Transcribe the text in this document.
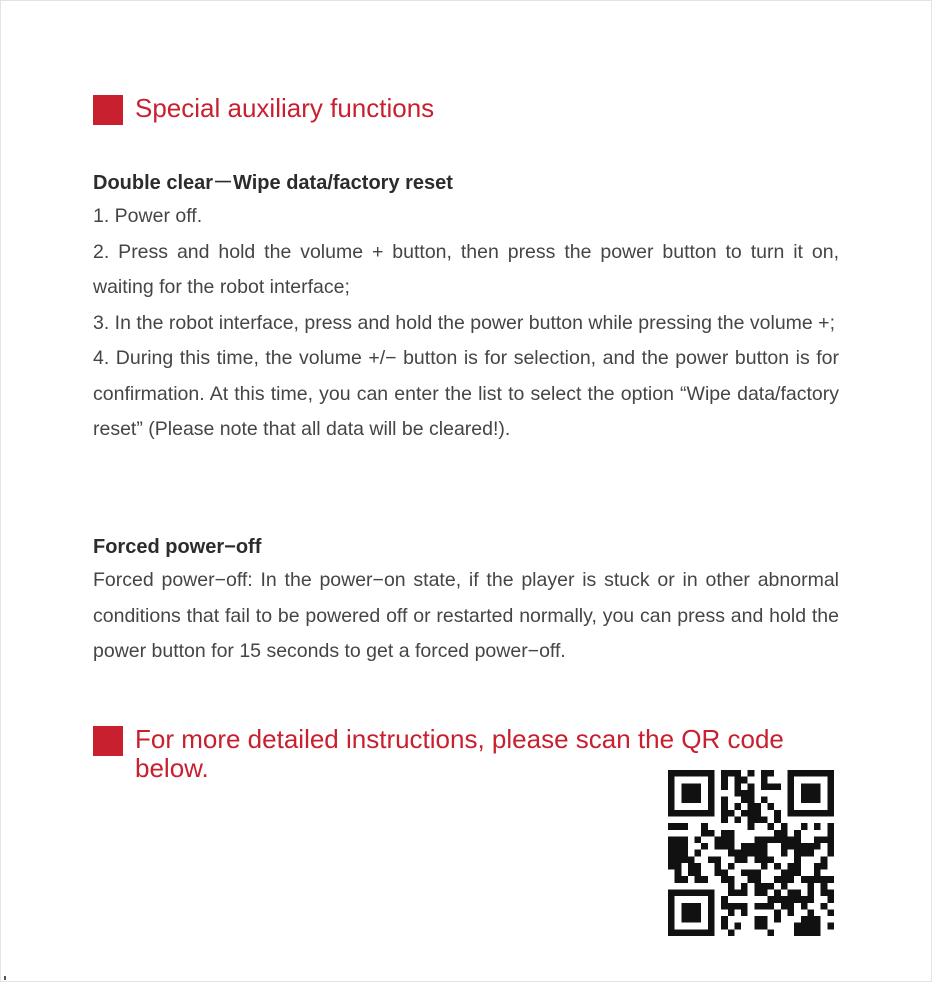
Special auxiliary functions

Double clear－Wipe data/factory reset

1. Power off.

2. Press and hold the volume + button, then press the power button to turn it on, waiting for the robot interface;

3. In the robot interface, press and hold the power button while pressing the volume +;

4. During this time, the volume +/− button is for selection, and the power button is for confirmation. At this time, you can enter the list to select the option “Wipe data/factory reset” (Please note that all data will be cleared!).

Forced power−off

Forced power−off: In the power−on state, if the player is stuck or in other abnormal conditions that fail to be powered off or restarted normally, you can press and hold the power button for 15 seconds to get a forced power−off.

For more detailed instructions, please scan the QR code below.
